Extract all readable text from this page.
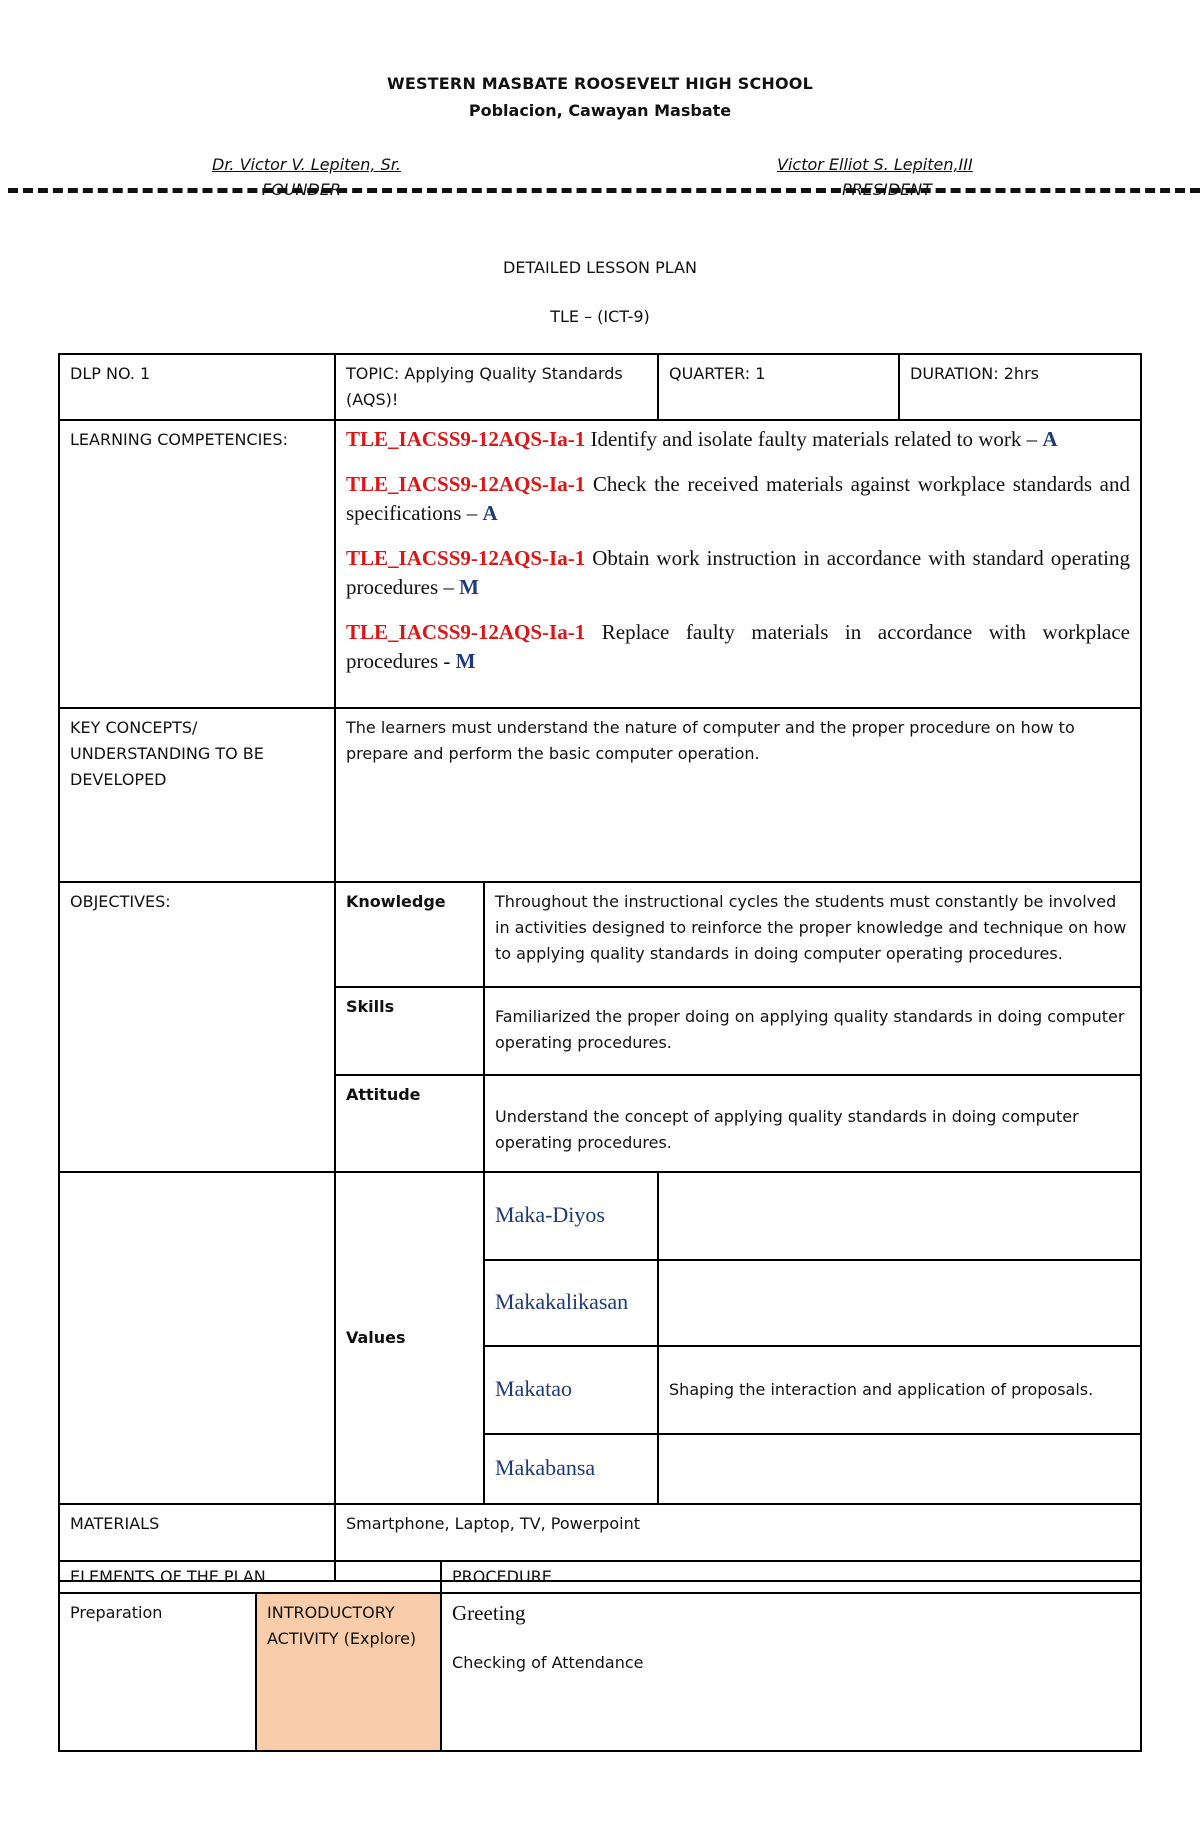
WESTERN MASBATE ROOSEVELT HIGH SCHOOL
Poblacion, Cawayan Masbate
Dr. Victor V. Lepiten, Sr.
FOUNDER
Victor Elliot S. Lepiten,III
PRESIDENT
DETAILED LESSON PLAN
TLE – (ICT-9)
DLP NO. 1	TOPIC: Applying Quality Standards (AQS)!		QUARTER: 1	DURATION: 2hrs
LEARNING COMPETENCIES:	TLE_IACSS9-12AQS-Ia-1 Identify and isolate faulty materials related to work – A

TLE_IACSS9-12AQS-Ia-1 Check the received materials against workplace standards and specifications – A

TLE_IACSS9-12AQS-Ia-1 Obtain work instruction in accordance with standard operating procedures – M

TLE_IACSS9-12AQS-Ia-1 Replace faulty materials in accordance with workplace procedures - M			

KEY CONCEPTS/ UNDERSTANDING TO BE DEVELOPED	The learners must understand the nature of computer and the proper procedure on how to prepare and perform the basic computer operation.			
OBJECTIVES:	Knowledge	Throughout the instructional cycles the students must constantly be involved in activities designed to reinforce the proper knowledge and technique on how to applying quality standards in doing computer operating procedures.		
	Skills	Familiarized the proper doing on applying quality standards in doing computer operating procedures.		
	Attitude	Understand the concept of applying quality standards in doing computer operating procedures.		
	Values	Maka-Diyos		
		Makakalikasan		
		Makatao	Shaping the interaction and application of proposals.	
		Makabansa		
MATERIALS	Smartphone, Laptop, TV, Powerpoint			
ELEMENTS OF THE PLAN		PROCEDURE
Preparation	INTRODUCTORY ACTIVITY (Explore)	Greeting
Checking of Attendance
